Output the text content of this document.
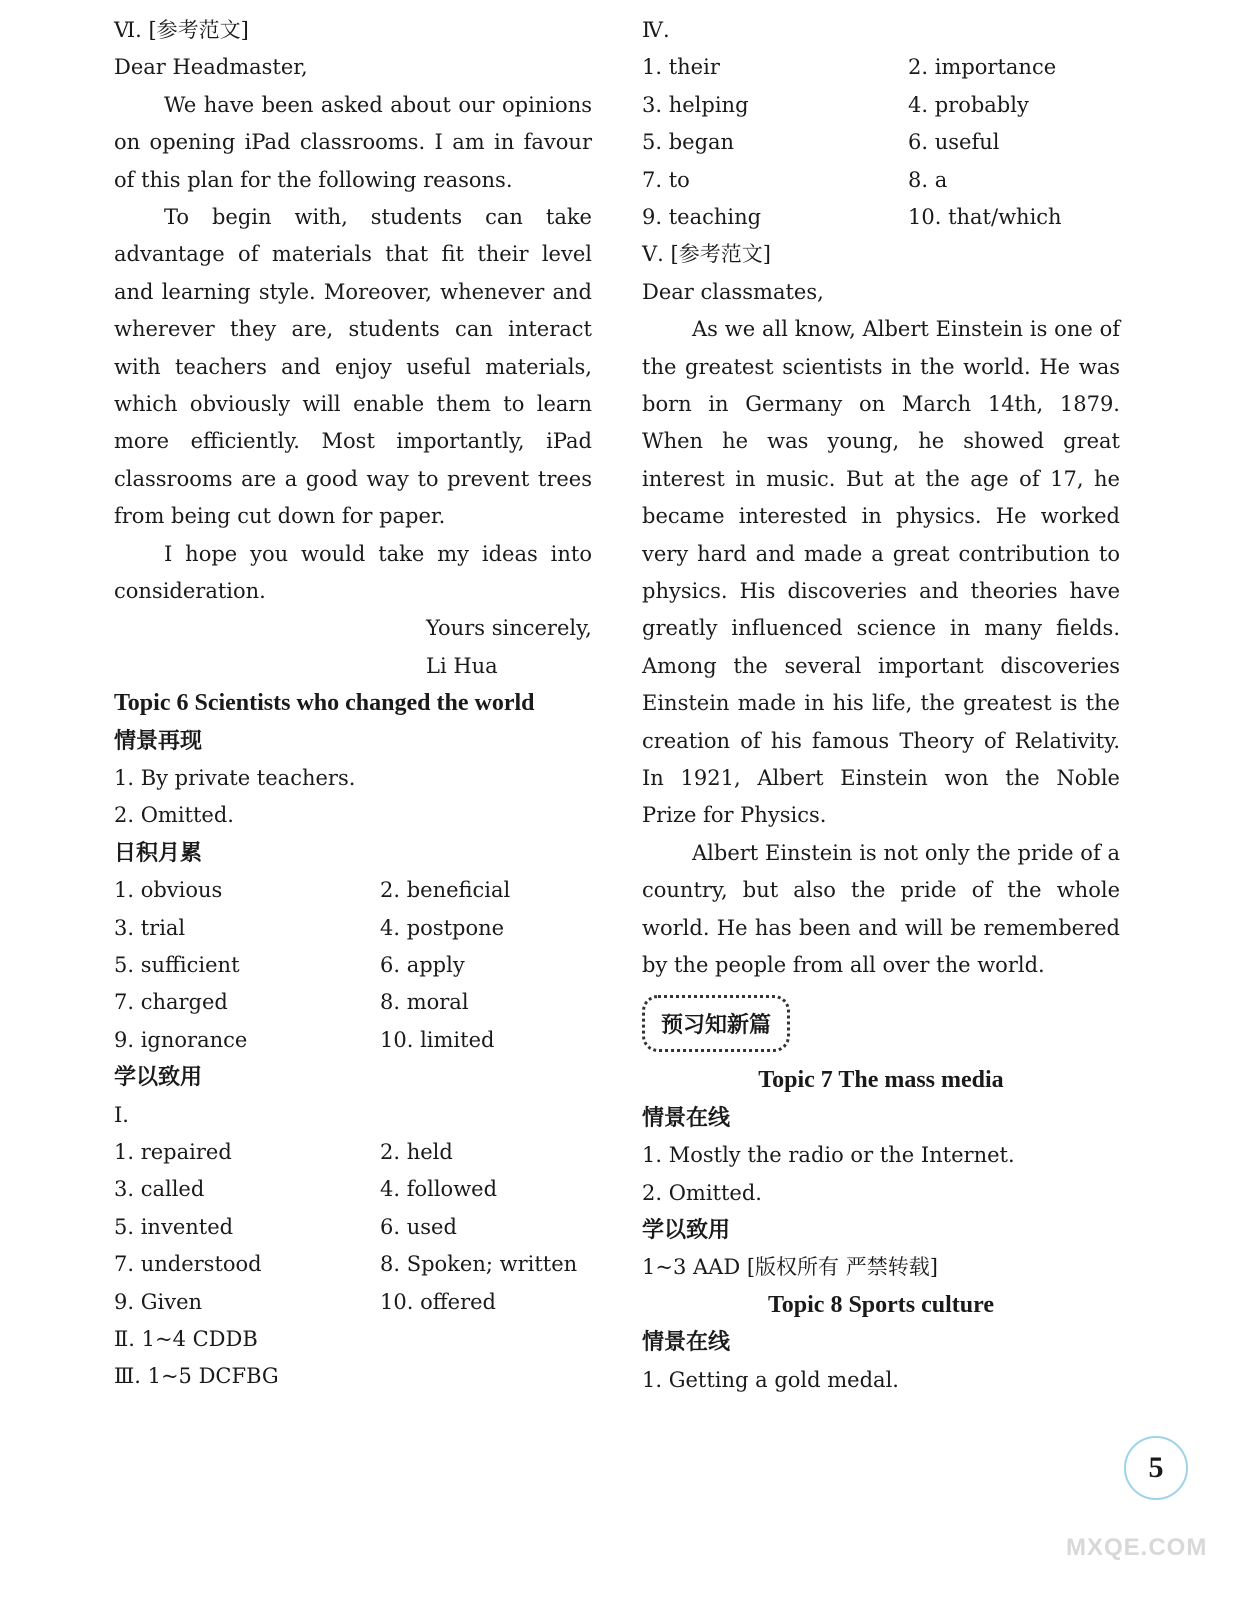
Ⅵ. [参考范文]
Dear Headmaster,

We have been asked about our opinions on opening iPad classrooms. I am in favour of this plan for the following reasons.

To begin with, students can take advantage of materials that fit their level and learning style. Moreover, whenever and wherever they are, students can interact with teachers and enjoy useful materials, which obviously will enable them to learn more efficiently. Most importantly, iPad classrooms are a good way to prevent trees from being cut down for paper.

I hope you would take my ideas into consideration.

Yours sincerely,
Li Hua
Topic 6 Scientists who changed the world
情景再现
1. By private teachers.
2. Omitted.
日积月累
1. obvious	2. beneficial
3. trial	4. postpone
5. sufficient	6. apply
7. charged	8. moral
9. ignorance	10. limited
学以致用
Ⅰ.
1. repaired	2. held
3. called	4. followed
5. invented	6. used
7. understood	8. Spoken; written
9. Given	10. offered
Ⅱ. 1~4 CDDB
Ⅲ. 1~5 DCFBG
Ⅳ.
1. their	2. importance
3. helping	4. probably
5. began	6. useful
7. to	8. a
9. teaching	10. that/which
Ⅴ. [参考范文]
Dear classmates,

As we all know, Albert Einstein is one of the greatest scientists in the world. He was born in Germany on March 14th, 1879. When he was young, he showed great interest in music. But at the age of 17, he became interested in physics. He worked very hard and made a great contribution to physics. His discoveries and theories have greatly influenced science in many fields. Among the several important discoveries Einstein made in his life, the greatest is the creation of his famous Theory of Relativity. In 1921, Albert Einstein won the Noble Prize for Physics.

Albert Einstein is not only the pride of a country, but also the pride of the whole world. He has been and will be remembered by the people from all over the world.

预习知新篇
Topic 7 The mass media
情景在线
1. Mostly the radio or the Internet.
2. Omitted.
学以致用
1~3 AAD [版权所有 严禁转载]
Topic 8 Sports culture
情景在线
1. Getting a gold medal.
5
MXQE.COM
